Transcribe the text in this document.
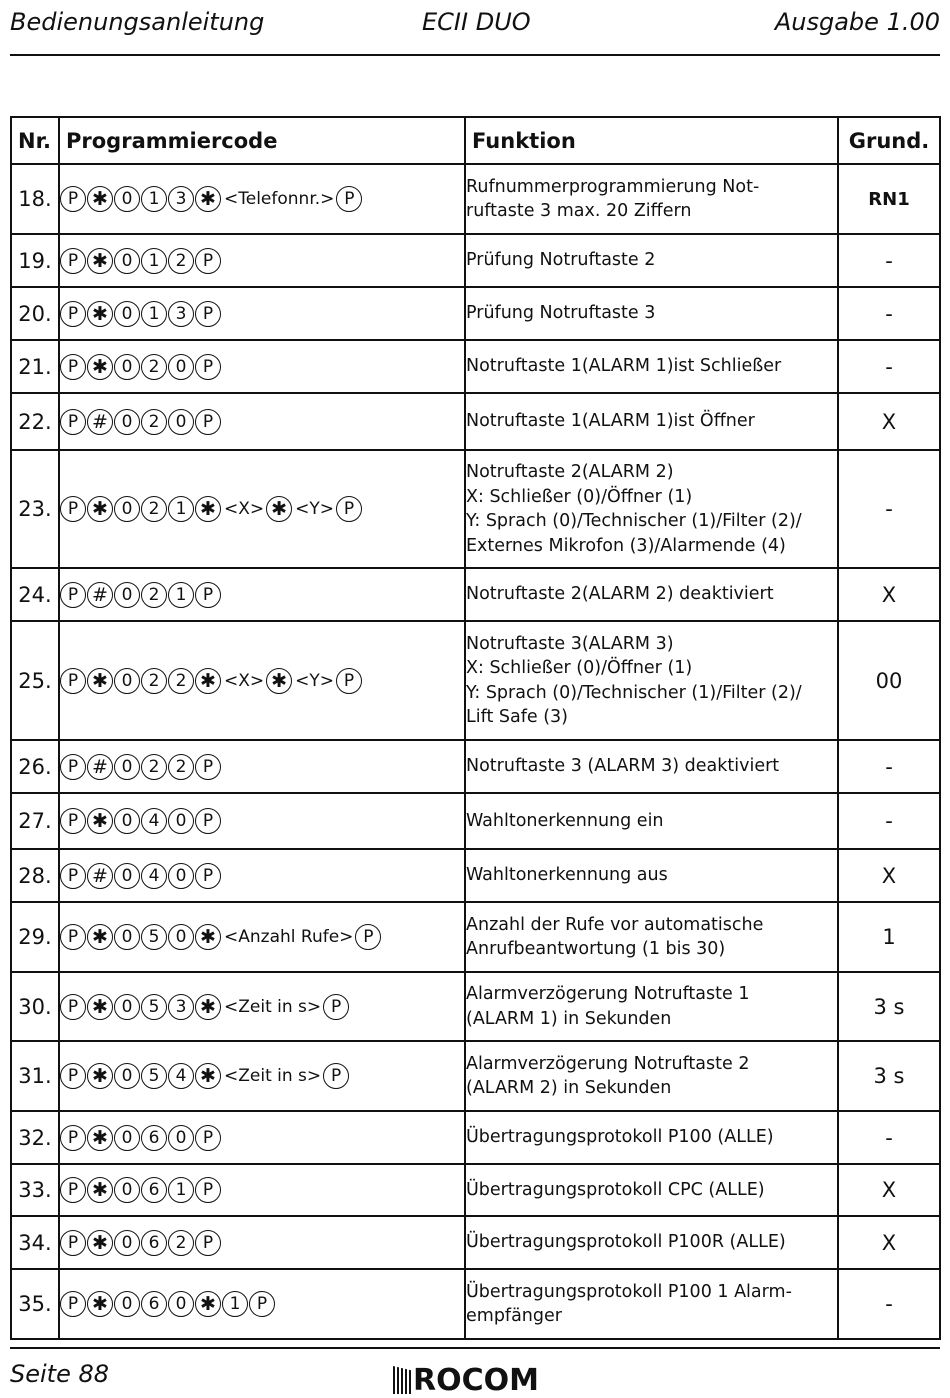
Bedienungsanleitung	ECII DUO	Ausgabe 1.00
Nr.	Programmiercode	Funktion	Grund.
18.	P ✱ 0 1 3 ✱ <Telefonnr.> P	Rufnummerprogrammierung Not-
ruftaste 3 max. 20 Ziffern	RN1
19.	P ✱ 0 1 2 P	Prüfung Notruftaste 2	-
20.	P ✱ 0 1 3 P	Prüfung Notruftaste 3	-
21.	P ✱ 0 2 0 P	Notruftaste 1(ALARM 1)ist Schließer	-
22.	P # 0 2 0 P	Notruftaste 1(ALARM 1)ist Öffner	X
23.	P ✱ 0 2 1 ✱ <X> ✱ <Y> P	Notruftaste 2(ALARM 2)
X: Schließer (0)/Öffner (1)
Y: Sprach (0)/Technischer (1)/Filter (2)/
Externes Mikrofon (3)/Alarmende (4)	-
24.	P # 0 2 1 P	Notruftaste 2(ALARM 2) deaktiviert	X
25.	P ✱ 0 2 2 ✱ <X> ✱ <Y> P	Notruftaste 3(ALARM 3)
X: Schließer (0)/Öffner (1)
Y: Sprach (0)/Technischer (1)/Filter (2)/
Lift Safe (3)	00
26.	P # 0 2 2 P	Notruftaste 3 (ALARM 3) deaktiviert	-
27.	P ✱ 0 4 0 P	Wahltonerkennung ein	-
28.	P # 0 4 0 P	Wahltonerkennung aus	X
29.	P ✱ 0 5 0 ✱ <Anzahl Rufe> P	Anzahl der Rufe vor automatische
Anrufbeantwortung (1 bis 30)	1
30.	P ✱ 0 5 3 ✱ <Zeit in s> P	Alarmverzögerung Notruftaste 1
(ALARM 1) in Sekunden	3 s
31.	P ✱ 0 5 4 ✱ <Zeit in s> P	Alarmverzögerung Notruftaste 2
(ALARM 2) in Sekunden	3 s
32.	P ✱ 0 6 0 P	Übertragungsprotokoll P100 (ALLE)	-
33.	P ✱ 0 6 1 P	Übertragungsprotokoll CPC (ALLE)	X
34.	P ✱ 0 6 2 P	Übertragungsprotokoll P100R (ALLE)	X
35.	P ✱ 0 6 0 ✱ 1 P	Übertragungsprotokoll P100 1 Alarm-
empfänger	-
Seite 88	ROCOM
